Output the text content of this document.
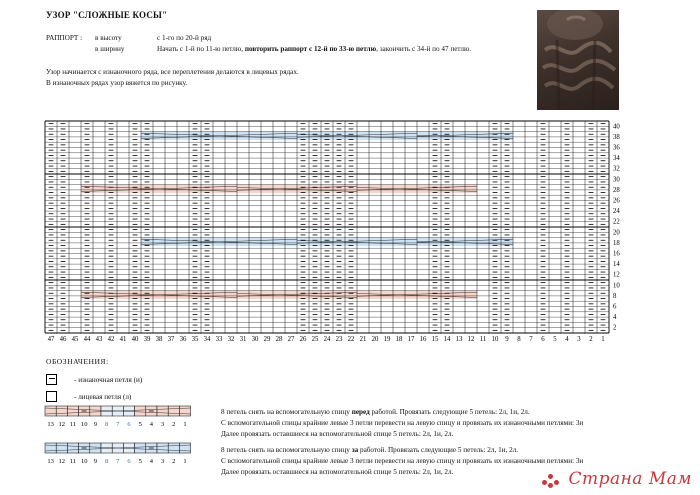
УЗОР "СЛОЖНЫЕ КОСЫ"
РАППОРТ : в высоту	с 1-го по 20-й ряд
в ширину	Начать с 1-й по 11-ю петлю, повторить раппорт с 12-й по 33-ю петлю, закончить с 34-й по 47 петлю.
Узор начинается с изнаночного ряда, все переплетения делаются в лицевых рядах.
В изнаночных рядах узор вяжется по рисунку.
47 46 45 44 43 42 41 40 39 38 37 36 35 34 33 32 31 30 29 28 27 26 25 24 23 22 21 20 19 18 17 16 15 14 13 12 11 10 9 8 7 6 5 4 3 2 1
40
38
36
34
32
30
28
26
24
22
20
18
16
14
12
10
8
6
4
2
ОБОЗНАЧЕНИЯ:
- изнаночная петля (и)
- лицевая петля (л)
13 12 11 10 9 8 7 6 5 4 3 2 1
8 петель снять на вспомогательную спицу перед работой. Провязать следующие 5 петель: 2л, 1и, 2л.
С вспомогательной спицы крайние левые 3 петли перевести на левую спицу и провязать их изнаночными петлями: 3и
Далее провязать оставшиеся на вспомогательной спице 5 петель: 2л, 1и, 2л.
13 12 11 10 9 8 7 6 5 4 3 2 1
8 петель снять на вспомогательную спицу за работой. Провязать следующие 5 петель: 2л, 1и, 2л.
С вспомогательной спицы крайние левые 3 петли перевести на левую спицу и провязать их изнаночными петлями: 3и
Далее провязать оставшиеся на вспомогательной спице 5 петель: 2л, 1и, 2л.	Страна Мам
